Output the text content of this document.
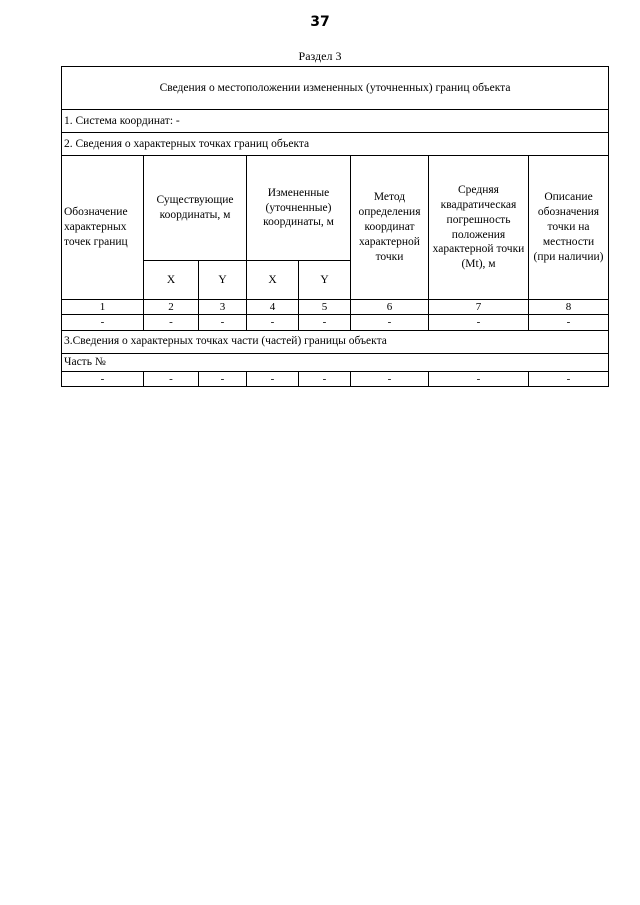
37
Раздел 3
Сведения о местоположении измененных (уточненных) границ объекта							
1. Система координат: -							
2. Сведения о характерных точках границ объекта							
Обозначение характерных точек границ	Существующие координаты, м		Измененные (уточненные) координаты, м		Метод определения координат характерной точки	Средняя квадратическая погрешность положения характерной точки (Mt), м	Описание обозначения точки на местности (при наличии)
	X	Y	X	Y			
1	2	3	4	5	6	7	8
-	-	-	-	-	-	-	-
3.Сведения о характерных точках части (частей) границы объекта							
Часть №							
-	-	-	-	-	-	-	-
